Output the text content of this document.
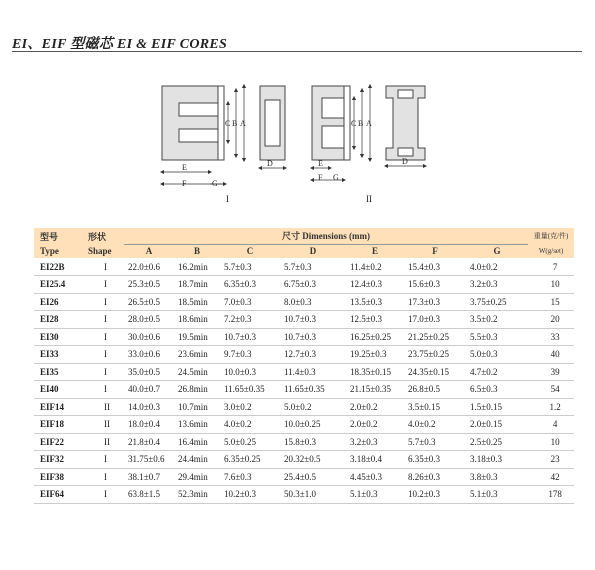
EI、EIF 型磁芯 EI & EIF CORES
C B A
D
E
F	G
C B A
D
E
F G
I	II
型号	形状	尺寸 Dimensions (mm)							重量(克/件)
Type	Shape	A	B	C	D	E	F	G	W(g/set)
EI22B	I	22.0±0.6	16.2min	5.7±0.3	5.7±0.3	11.4±0.2	15.4±0.3	4.0±0.2	7
EI25.4	I	25.3±0.5	18.7min	6.35±0.3	6.75±0.3	12.4±0.3	15.6±0.3	3.2±0.3	10
EI26	I	26.5±0.5	18.5min	7.0±0.3	8.0±0.3	13.5±0.3	17.3±0.3	3.75±0.25	15
EI28	I	28.0±0.5	18.6min	7.2±0.3	10.7±0.3	12.5±0.3	17.0±0.3	3.5±0.2	20
EI30	I	30.0±0.6	19.5min	10.7±0.3	10.7±0.3	16.25±0.25	21.25±0.25	5.5±0.3	33
EI33	I	33.0±0.6	23.6min	9.7±0.3	12.7±0.3	19.25±0.3	23.75±0.25	5.0±0.3	40
EI35	I	35.0±0.5	24.5min	10.0±0.3	11.4±0.3	18.35±0.15	24.35±0.15	4.7±0.2	39
EI40	I	40.0±0.7	26.8min	11.65±0.35	11.65±0.35	21.15±0.35	26.8±0.5	6.5±0.3	54
EIF14	II	14.0±0.3	10.7min	3.0±0.2	5.0±0.2	2.0±0.2	3.5±0.15	1.5±0.15	1.2
EIF18	II	18.0±0.4	13.6min	4.0±0.2	10.0±0.25	2.0±0.2	4.0±0.2	2.0±0.15	4
EIF22	II	21.8±0.4	16.4min	5.0±0.25	15.8±0.3	3.2±0.3	5.7±0.3	2.5±0.25	10
EIF32	I	31.75±0.6	24.4min	6.35±0.25	20.32±0.5	3.18±0.4	6.35±0.3	3.18±0.3	23
EIF38	I	38.1±0.7	29.4min	7.6±0.3	25.4±0.5	4.45±0.3	8.26±0.3	3.8±0.3	42
EIF64	I	63.8±1.5	52.3min	10.2±0.3	50.3±1.0	5.1±0.3	10.2±0.3	5.1±0.3	178
